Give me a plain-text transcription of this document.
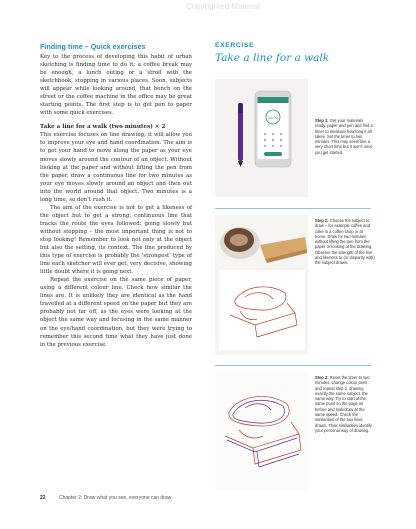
Copyrighted Material
Finding time – Quick exercises

Key to the process of developing this habit of urban sketching is finding time to do it; a coffee break may be enough, a lunch outing or a stroll with the sketchbook, stopping in various places. Soon, subjects will appear while looking around, that bench on the street or the coffee machine in the office may be great starting points. The first step is to get pen to paper with some quick exercises.

Take a line for a walk (two minutes) × 2

This exercise focuses on line drawing; it will allow you to improve your eye and hand coordination. The aim is to get your hand to move along the paper as your eye moves slowly around the contour of an object. Without looking at the paper and without lifting the pen from the paper, draw a continuous line for two minutes as your eye moves slowly around an object and then out into the world around that object. Two minutes is a long time, so don’t rush it.

The aim of the exercise is not to get a likeness of the object but to get a strong, continuous line that tracks the route the eyes followed; going slowly but without stopping – the most important thing is not to stop looking! Remember to look not only at the object but also the setting, its context. The line produced by this type of exercise is probably the ‘strongest’ type of line each sketcher will ever get, very decisive, showing little doubt where it is going next.

Repeat the exercise on the same piece of paper, using a different colour line. Check how similar the lines are. It is unlikely they are identical as the hand travelled at a different speed on the paper but they are probably not far off, as the eyes were looking at the object the same way and focusing in the same manner on the eye/hand coordination, but they were trying to remember this second time what they have just done in the previous exercise.

EXERCISE
Take a line for a walk
02:00
Step 1: Get your materials ready, paper and pen and find a timer to measure how long it all takes. Set the timer to two minutes. This may seem like a very short time but it won’t once you get started.
Step 2: Choose the subject to draw – for example coffee and cake in a coffee shop or at home. Draw for two minutes without lifting the pen from the paper or looking at the drawing. Observe the strength of the line and likeness to (or disparity with) the subject drawn.
Step 3: Reset the timer to two minutes, change colour pens and repeat step 2, drawing exactly the same subject, the same way. Try to start at the same point on the page as before and look/draw at the same speed. Check the similarities of the two lines drawn. Their similarities identify your personal way of drawing.
22	Chapter 2: Draw what you see, everyone can draw
